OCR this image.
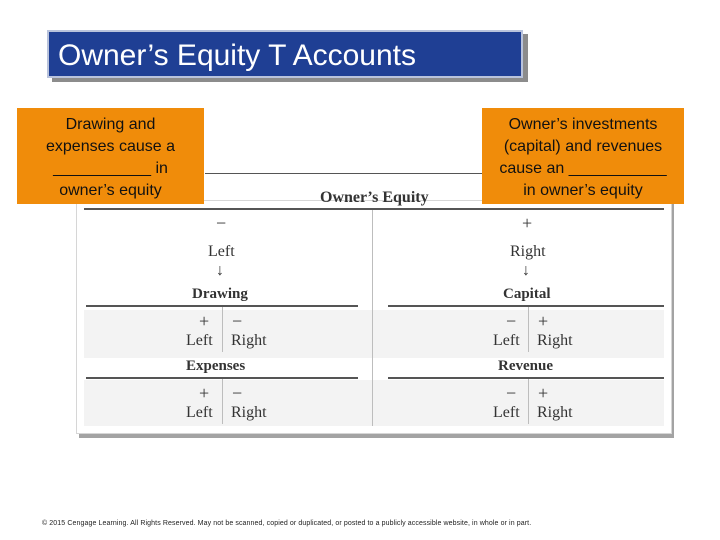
Owner’s Equity T Accounts
Owner’s Equity
−	+
Left	Right
↓	↓
Drawing
+ −
Left Right
Capital
− +
Left Right
Expenses
+ −
Left Right
Revenue
− +
Left Right
Drawing and
expenses cause a
___________ in
owner’s equity
Owner’s investments
(capital) and revenues
cause an ___________
in owner’s equity
© 2015 Cengage Learning. All Rights Reserved. May not be scanned, copied or duplicated, or posted to a publicly accessible website, in whole or in part.
